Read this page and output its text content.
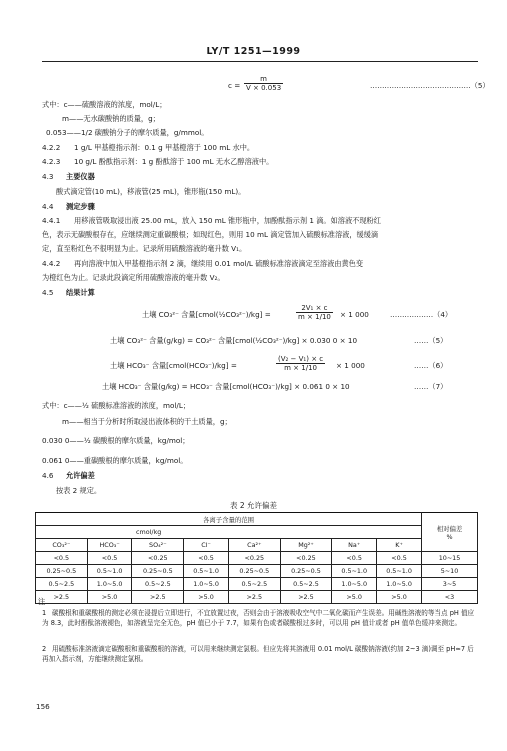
LY/T 1251—1999
$c = \frac{m}{V \times 0.053}$	……………………………………（5）
式中：c——硫酸溶液的浓度，mol/L；
m——无水碳酸钠的质量，g；
0.053——1/2 碳酸钠分子的摩尔质量，g/mmol。
4.2.2 1 g/L 甲基橙指示剂：0.1 g 甲基橙溶于 100 mL 水中。
4.2.3 10 g/L 酚酞指示剂：1 g 酚酞溶于 100 mL 无水乙醇溶液中。
4.3 主要仪器
酸式滴定管(10 mL)，移液管(25 mL)，锥形瓶(150 mL)。
4.4 测定步骤
4.4.1 用移液管吸取浸出液 25.00 mL，放入 150 mL 锥形瓶中，加酚酞指示剂 1 滴。如溶液不现粉红
色，表示无碳酸根存在，应继续测定重碳酸根；如现红色，则用 10 mL 滴定管加入硫酸标准溶液，缓缓滴
定，直至粉红色不很明显为止。记录所用硫酸溶液的毫升数 V₁。
4.4.2 再向溶液中加入甲基橙指示剂 2 滴，继续用 0.01 mol/L 硫酸标准溶液滴定至溶液由黄色变
为橙红色为止。记录此段滴定所用硫酸溶液的毫升数 V₂。
4.5 结果计算
土壤 CO₃²⁻ 含量[cmol(½CO₃²⁻)/kg] =	$\frac{\text{2V₁ × c}}{m \times 1/10} \times 1$ 000	………………（4）
土壤 CO₃²⁻ 含量(g/kg) = CO₃²⁻ 含量[cmol(½CO₃²⁻)/kg] × 0.030 0 × 10	……（5）
土壤 HCO₃⁻ 含量[cmol(HCO₃⁻)/kg] =	$\frac{\text{(V₂ − V₁) × c}}{m \times 1/10} \times 1$ 000	……（6）
土壤 HCO₃⁻ 含量(g/kg) = HCO₃⁻ 含量[cmol(HCO₃⁻)/kg] × 0.061 0 × 10	……（7）
式中：c——½ 硫酸标准溶液的浓度，mol/L；
m——相当于分析时所取浸出液体积的干土质量，g；
0.030 0——½ 碳酸根的摩尔质量，kg/mol；
0.061 0——重碳酸根的摩尔质量，kg/mol。
4.6 允许偏差
按表 2 规定。
表 2 允许偏差
各离子含量的范围								相对偏差
%

cmol/kg								
CO₃²⁻	HCO₃⁻	SO₄²⁻	Cl⁻	Ca²⁺	Mg²⁺	Na⁺	K⁺	
<0.5	<0.5	<0.25	<0.5	<0.25	<0.25	<0.5	<0.5	10~15
0.25~0.5	0.5~1.0	0.25~0.5	0.5~1.0	0.25~0.5	0.25~0.5	0.5~1.0	0.5~1.0	5~10
0.5~2.5	1.0~5.0	0.5~2.5	1.0~5.0	0.5~2.5	0.5~2.5	1.0~5.0	1.0~5.0	3~5
>2.5	>5.0	>2.5	>5.0	>2.5	>2.5	>5.0	>5.0	<3
注
1 碳酸根和重碳酸根的测定必须在浸提后立即进行，不宜放置过夜，否则会由于溶液吸收空气中二氧化碳而产生误差。用碱性溶液的等当点 pH 值应为 8.3，此时酚酞溶液褪色，如溶液呈完全无色，pH 值已小于 7.7，如果有色或者碳酸根过多时，可以用 pH 值计或者 pH 值单色缓冲来测定。
2 用硫酸标准溶液滴定碳酸根和重碳酸根的溶液，可以用来继续测定氯根。但应先将其溶液用 0.01 mol/L 碳酸钠溶液(约加 2~3 滴)调至 pH≈7 后再加入指示剂，方能继续测定氯根。
156
